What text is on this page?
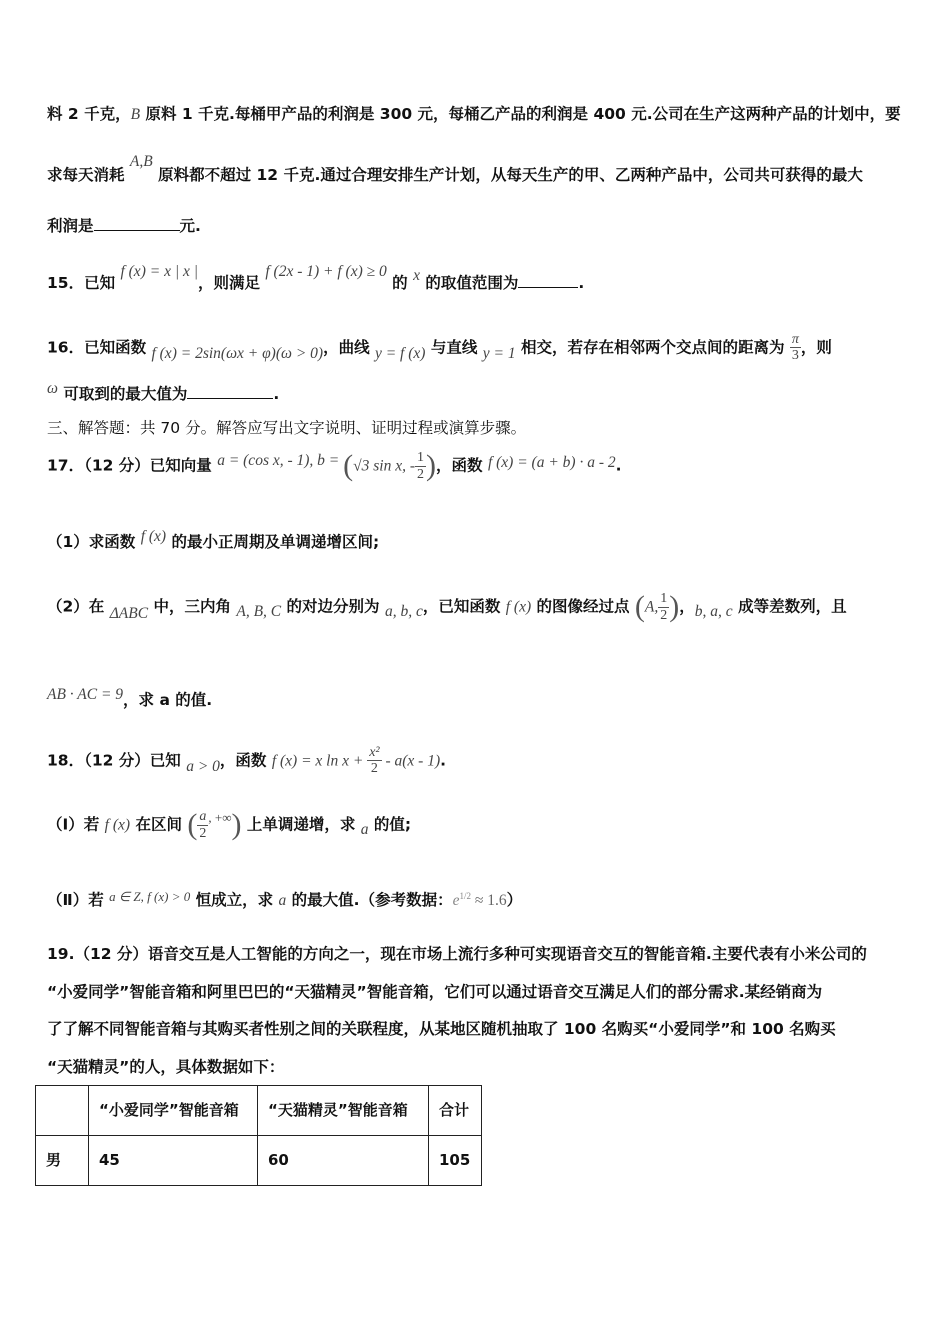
料 2 千克，B 原料 1 千克.每桶甲产品的利润是 300 元，每桶乙产品的利润是 400 元.公司在生产这两种产品的计划中，要
求每天消耗 A,B 原料都不超过 12 千克.通过合理安排生产计划，从每天生产的甲、乙两种产品中，公司共可获得的最大
利润是	元.
15．已知 f (x) = x | x |，则满足 f (2x - 1) + f (x) ≥ 0 的 x 的取值范围为	.
16．已知函数 f (x) = 2sin(ωx + φ)(ω > 0)，曲线 y = f (x) 与直线 y = 1 相交，若存在相邻两个交点间的距离为 $\frac{\pi}{3}$ ，则
ω 可取到的最大值为	.
三、解答题：共 70 分。解答应写出文字说明、证明过程或演算步骤。
17．（12 分）已知向量 a = (cos x, - 1), b = (√3 sin x, - $\frac{1}{2}$ )，函数 f (x) = (a + b) · a - 2.
（1）求函数 f (x) 的最小正周期及单调递增区间;
（2）在 ΔABC 中，三内角 A, B, C 的对边分别为 a, b, c，已知函数 f (x) 的图像经过点 (A, $\frac{1}{2}$ )，b, a, c 成等差数列，且
AB · AC = 9，求 a 的值.
18．（12 分）已知 a > 0，函数 f (x) = x $\ln x + \frac{\text{x²}}{2} - a(x - 1)$.
（Ⅰ）若 f (x) 在区间 ( $\frac{a}{2} ^{, +\infty}$) 上单调递增，求 a 的值;
（Ⅱ）若 $^{a \in Z, f (x) > 0}$ 恒成立，求 a 的最大值.（参考数据：$e^{1/2} \approx 1.6$）
19.（12 分）语音交互是人工智能的方向之一，现在市场上流行多种可实现语音交互的智能音箱.主要代表有小米公司的
“小爱同学”智能音箱和阿里巴巴的“天猫精灵”智能音箱，它们可以通过语音交互满足人们的部分需求.某经销商为
了了解不同智能音箱与其购买者性别之间的关联程度，从某地区随机抽取了 100 名购买“小爱同学”和 100 名购买
“天猫精灵”的人，具体数据如下：
	“小爱同学”智能音箱	“天猫精灵”智能音箱	合计
男	45	60	105
